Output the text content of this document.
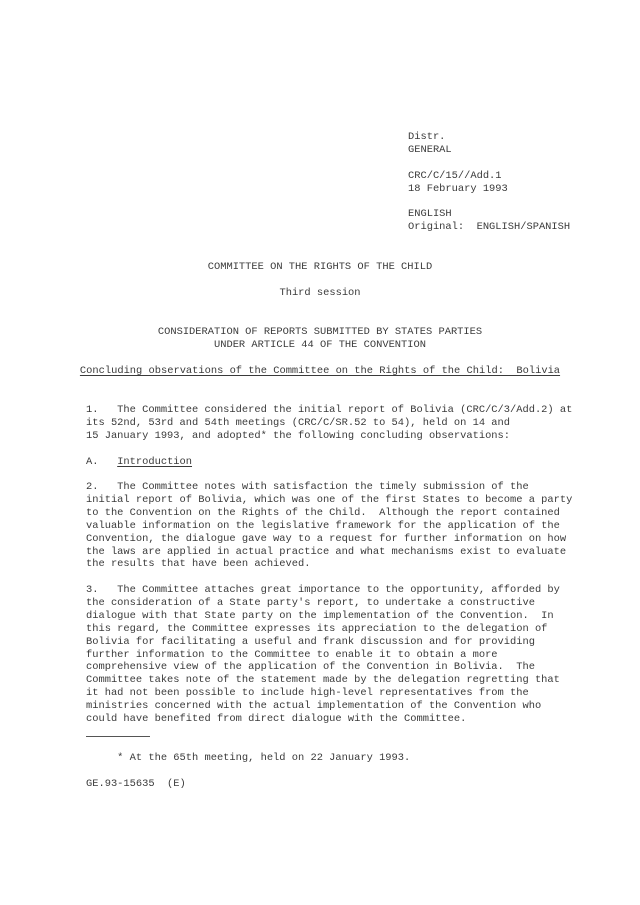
Distr.
GENERAL
CRC/C/15//Add.1
18 February 1993
ENGLISH
Original:  ENGLISH/SPANISH
COMMITTEE ON THE RIGHTS OF THE CHILD
Third session
CONSIDERATION OF REPORTS SUBMITTED BY STATES PARTIES
UNDER ARTICLE 44 OF THE CONVENTION
Concluding observations of the Committee on the Rights of the Child:  Bolivia
1.   The Committee considered the initial report of Bolivia (CRC/C/3/Add.2) at
its 52nd, 53rd and 54th meetings (CRC/C/SR.52 to 54), held on 14 and
15 January 1993, and adopted* the following concluding observations:
A.   Introduction
2.   The Committee notes with satisfaction the timely submission of the
initial report of Bolivia, which was one of the first States to become a party
to the Convention on the Rights of the Child.  Although the report contained
valuable information on the legislative framework for the application of the
Convention, the dialogue gave way to a request for further information on how
the laws are applied in actual practice and what mechanisms exist to evaluate
the results that have been achieved.
3.   The Committee attaches great importance to the opportunity, afforded by
the consideration of a State party's report, to undertake a constructive
dialogue with that State party on the implementation of the Convention.  In
this regard, the Committee expresses its appreciation to the delegation of
Bolivia for facilitating a useful and frank discussion and for providing
further information to the Committee to enable it to obtain a more
comprehensive view of the application of the Convention in Bolivia.  The
Committee takes note of the statement made by the delegation regretting that
it had not been possible to include high-level representatives from the
ministries concerned with the actual implementation of the Convention who
could have benefited from direct dialogue with the Committee.
* At the 65th meeting, held on 22 January 1993.
GE.93-15635  (E)
